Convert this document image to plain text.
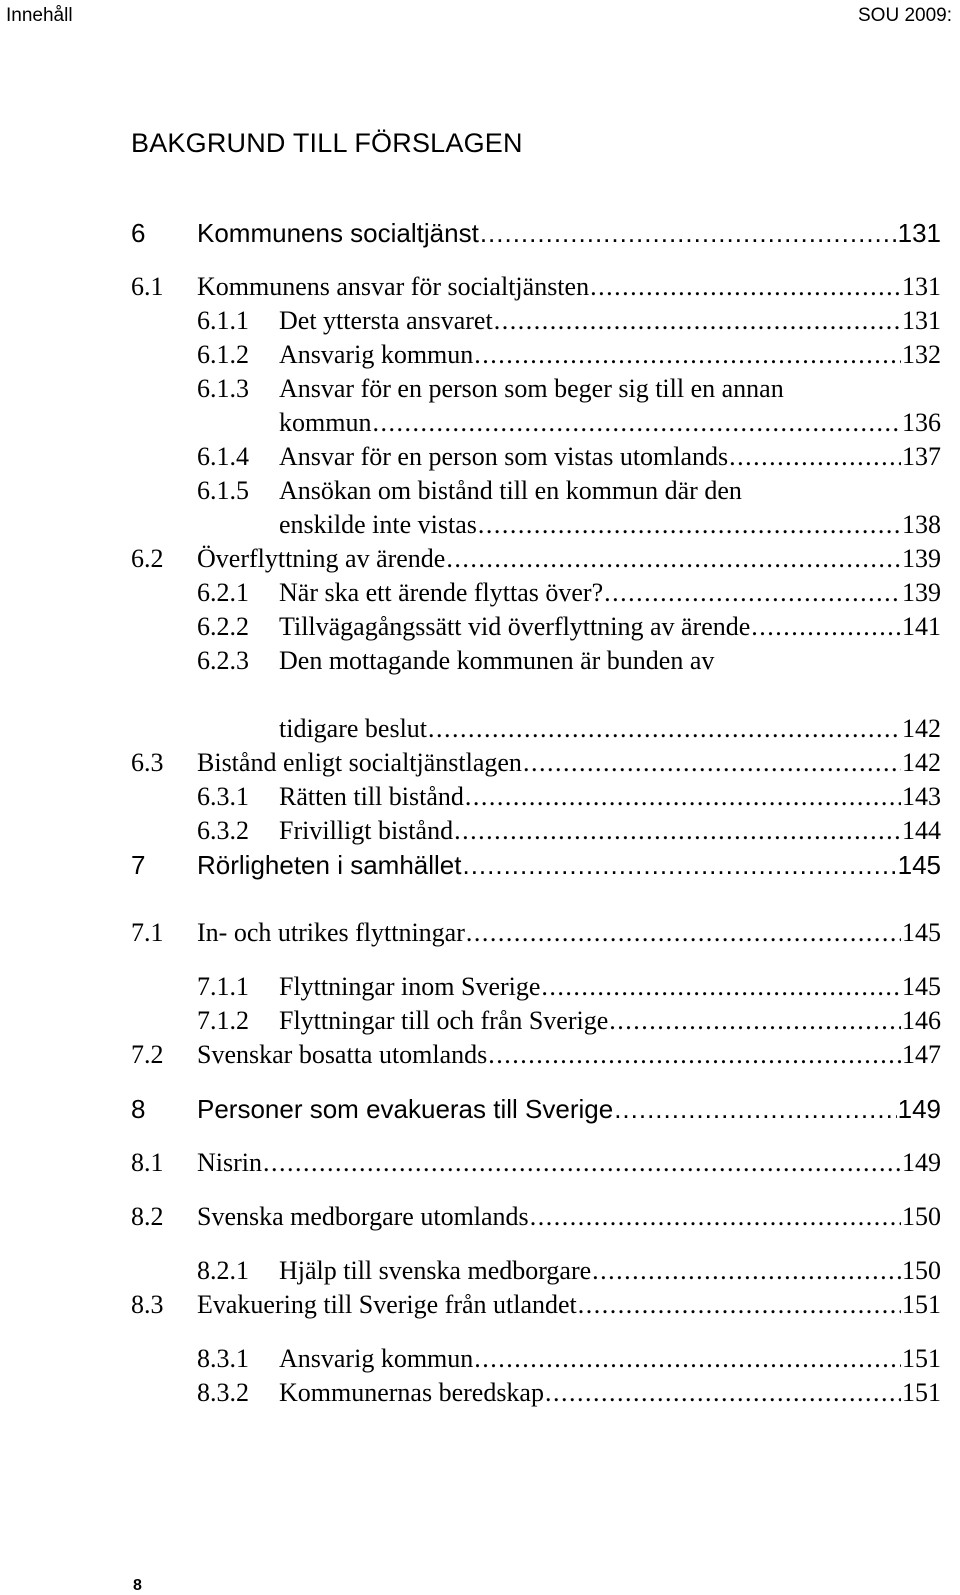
Innehåll	SOU 2009:
BAKGRUND TILL FÖRSLAGEN
6 Kommunens socialtjänst .....	131
6.1 Kommunens ansvar för socialtjänsten .....	131
6.1.1 Det yttersta ansvaret .....	131
6.1.2 Ansvarig kommun .....	132
6.1.3 Ansvar för en person som beger sig till en annan
kommun .....	136
6.1.4 Ansvar för en person som vistas utomlands .....	137
6.1.5 Ansökan om bistånd till en kommun där den
enskilde inte vistas .....	138
6.2 Överflyttning av ärende .....	139
6.2.1 När ska ett ärende flyttas över? .....	139
6.2.2 Tillvägagångssätt vid överflyttning av ärende .....	141
6.2.3 Den mottagande kommunen är bunden av
tidigare beslut .....	142
6.3 Bistånd enligt socialtjänstlagen .....	142
6.3.1 Rätten till bistånd .....	143
6.3.2 Frivilligt bistånd .....	144
7 Rörligheten i samhället .....	145
7.1 In- och utrikes flyttningar .....	145
7.1.1 Flyttningar inom Sverige .....	145
7.1.2 Flyttningar till och från Sverige .....	146
7.2 Svenskar bosatta utomlands .....	147
8 Personer som evakueras till Sverige .....	149
8.1 Nisrin .....	149
8.2 Svenska medborgare utomlands .....	150
8.2.1 Hjälp till svenska medborgare .....	150
8.3 Evakuering till Sverige från utlandet .....	151
8.3.1 Ansvarig kommun .....	151
8.3.2 Kommunernas beredskap .....	151
8
